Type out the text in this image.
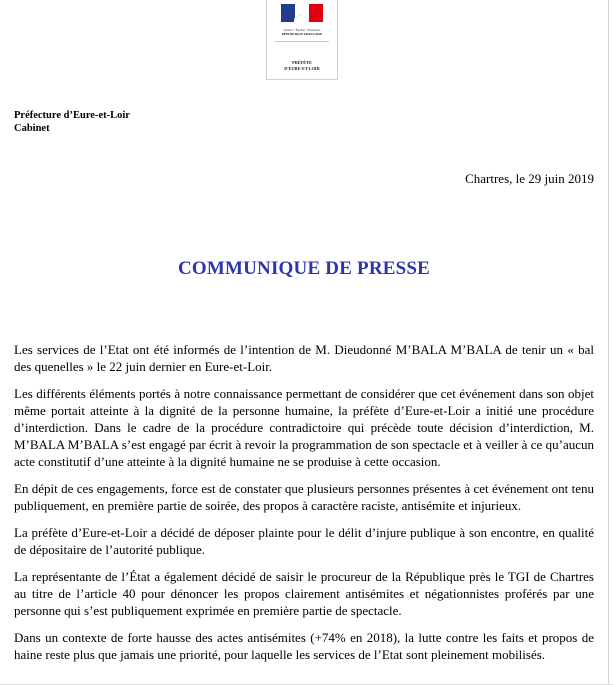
Liberté • Égalité • Fraternité
RÉPUBLIQUE FRANÇAISE
PRÉFÈTE
D'EURE-ET-LOIR
Préfecture d’Eure-et-Loir
Cabinet
Chartres, le 29 juin 2019
COMMUNIQUE DE PRESSE

Les services de l’Etat ont été informés de l’intention de M. Dieudonné M’BALA M’BALA de tenir un « bal des quenelles » le 22 juin dernier en Eure-et-Loir.

Les différents éléments portés à notre connaissance permettant de considérer que cet événement dans son objet même portait atteinte à la dignité de la personne humaine, la préfète d’Eure-et-Loir a initié une procédure d’interdiction. Dans le cadre de la procédure contradictoire qui précède toute décision d’interdiction, M. M’BALA M’BALA s’est engagé par écrit à revoir la programmation de son spectacle et à veiller à ce qu’aucun acte constitutif d’une atteinte à la dignité humaine ne se produise à cette occasion.

En dépit de ces engagements, force est de constater que plusieurs personnes présentes à cet événement ont tenu publiquement, en première partie de soirée, des propos à caractère raciste, antisémite et injurieux.

La préfète d’Eure-et-Loir a décidé de déposer plainte pour le délit d’injure publique à son encontre, en qualité de dépositaire de l’autorité publique.

La représentante de l’État a également décidé de saisir le procureur de la République près le TGI de Chartres au titre de l’article 40 pour dénoncer les propos clairement antisémites et négationnistes proférés par une personne qui s’est publiquement exprimée en première partie de spectacle.

Dans un contexte de forte hausse des actes antisémites (+74% en 2018), la lutte contre les faits et propos de haine reste plus que jamais une priorité, pour laquelle les services de l’Etat sont pleinement mobilisés.
